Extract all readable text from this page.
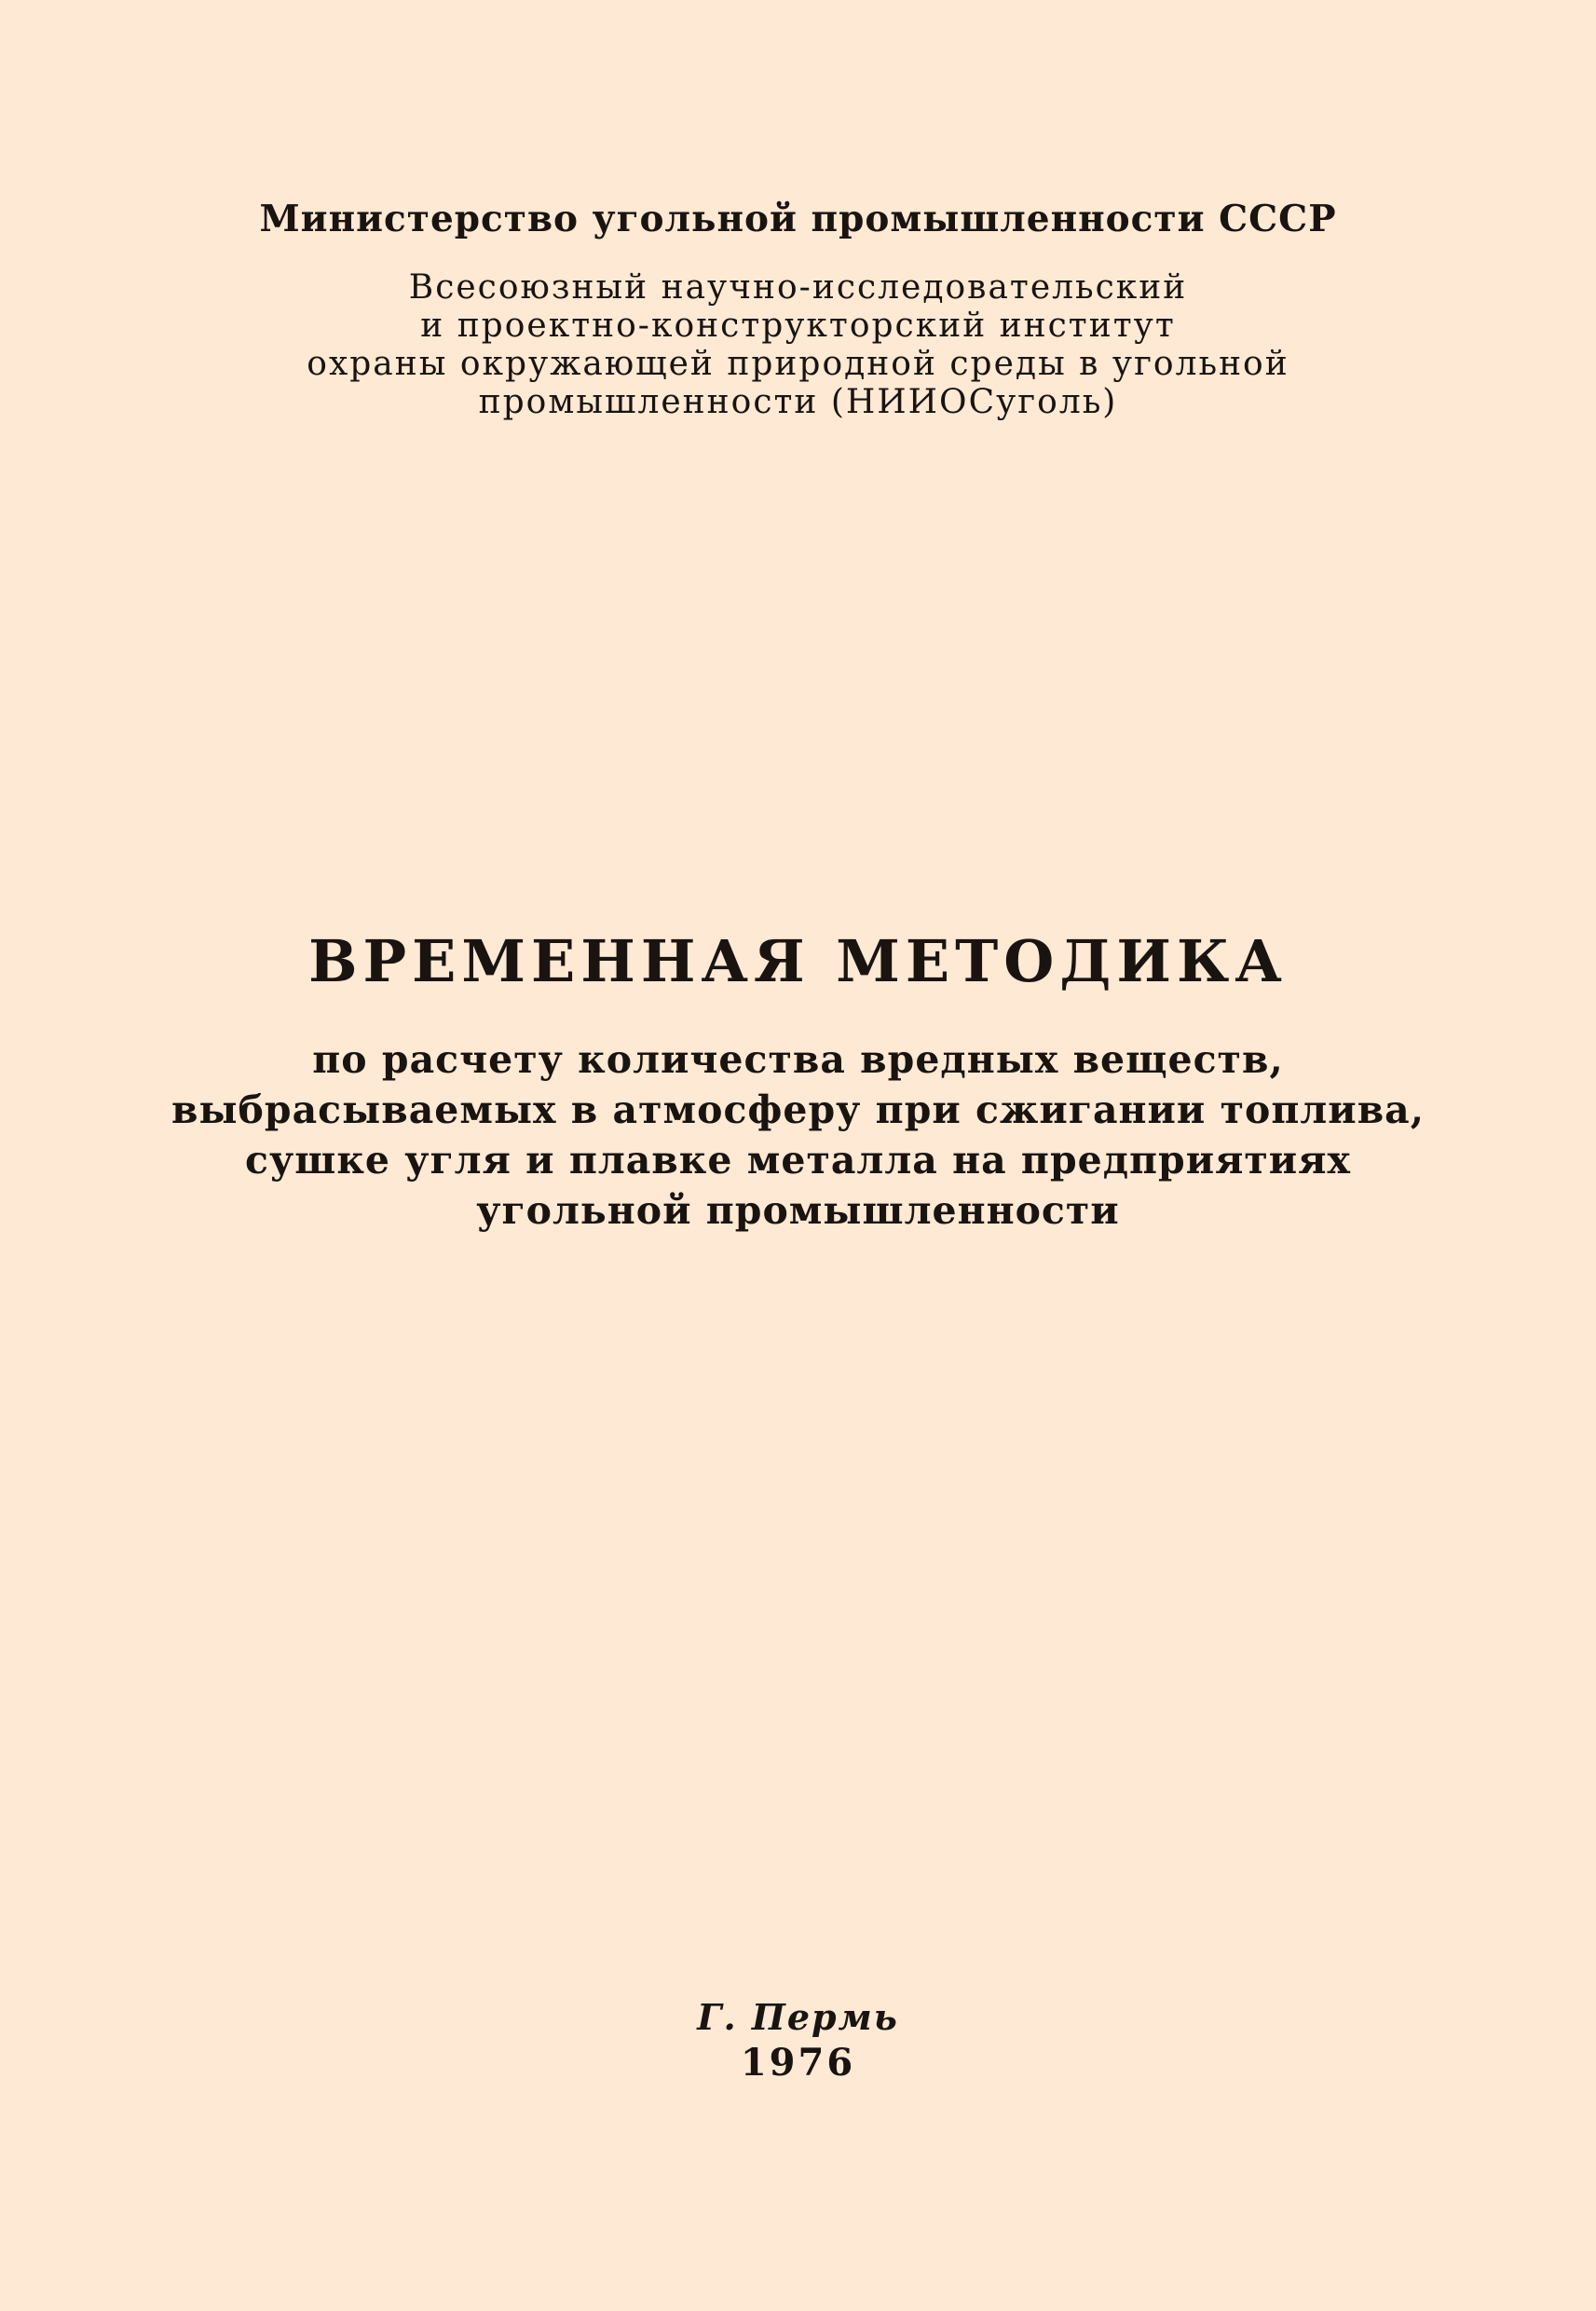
Министерство угольной промышленности СССР
Всесоюзный научно-исследовательский
и проектно-конструкторский институт
охраны окружающей природной среды в угольной
промышленности (НИИОСуголь)
ВРЕМЕННАЯ МЕТОДИКА
по расчету количества вредных веществ,
выбрасываемых в атмосферу при сжигании топлива,
сушке угля и плавке металла на предприятиях
угольной промышленности
Г. Пермь
1976
